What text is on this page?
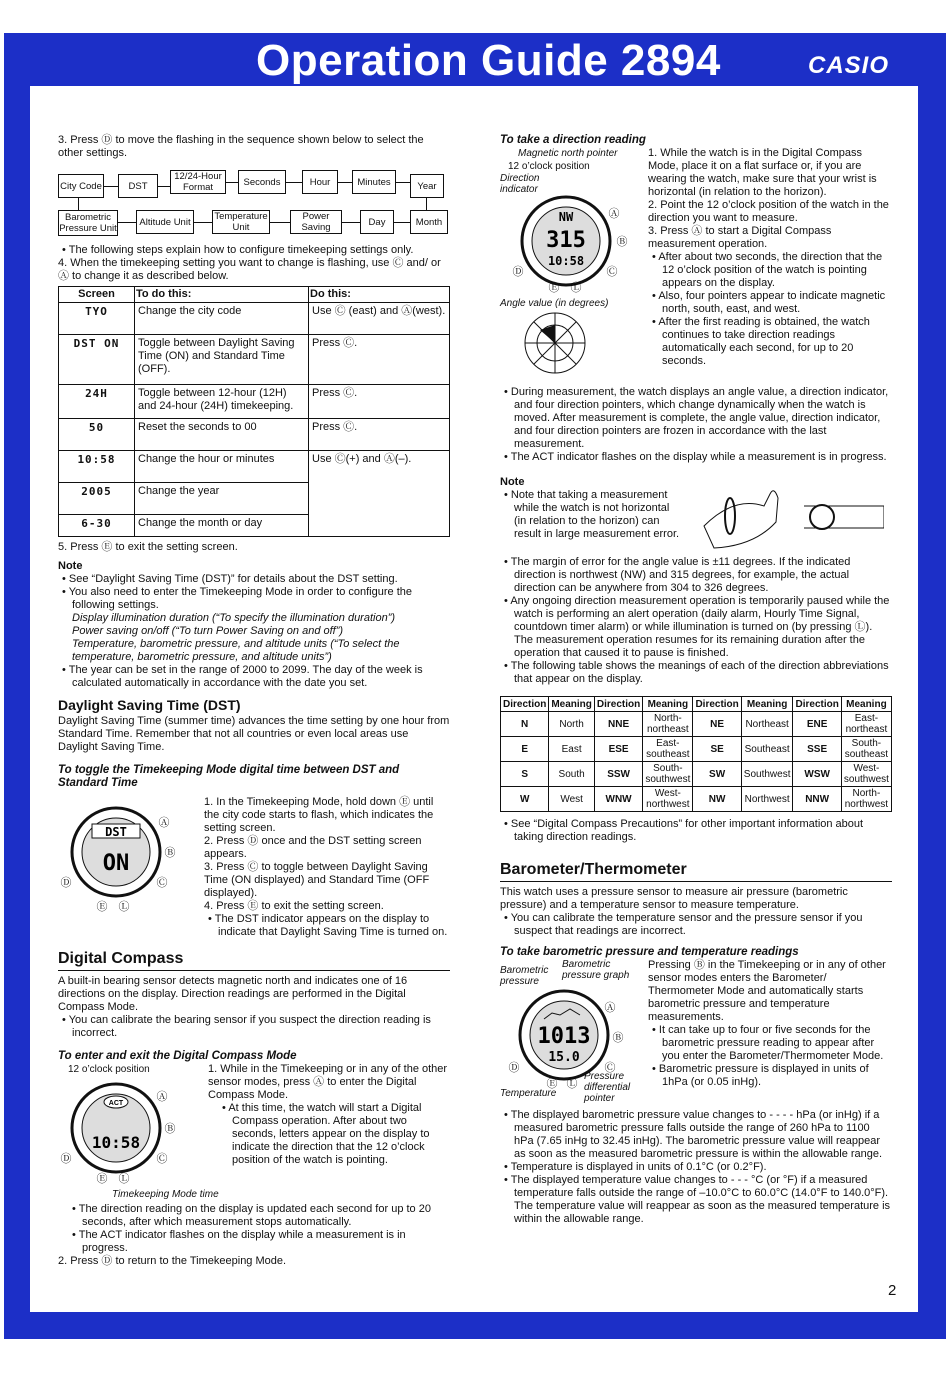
Operation Guide 2894	CASIO
2

3. Press Ⓓ to move the flashing in the sequence shown below to select the other settings.

City Code	DST
12/24-Hour Format	Seconds	Hour	Minutes	Year
Barometric Pressure Unit
Altitude Unit	Temperature Unit
Power Saving	Day	Month

• The following steps explain how to configure timekeeping settings only.

4. When the timekeeping setting you want to change is flashing, use Ⓒ and/ or Ⓐ to change it as described below.

Screen	To do this:	Do this:
TYO	Change the city code	Use Ⓒ (east) and Ⓐ(west).
DST ON	Toggle between Daylight Saving Time (ON) and Standard Time (OFF).	Press Ⓒ.
24H	Toggle between 12-hour (12H) and 24-hour (24H) timekeeping.	Press Ⓒ.
50	Reset the seconds to 00	Press Ⓒ.
10:58	Change the hour or minutes	Use Ⓒ(+) and Ⓐ(–).
2005	Change the year	
6-30	Change the month or day	

5. Press Ⓔ to exit the setting screen.

Note

• See “Daylight Saving Time (DST)” for details about the DST setting.

• You also need to enter the Timekeeping Mode in order to configure the following settings.

Display illumination duration (“To specify the illumination duration”)

Power saving on/off (“To turn Power Saving on and off”)

Temperature, barometric pressure, and altitude units (“To select the temperature, barometric pressure, and altitude units”)

• The year can be set in the range of 2000 to 2099. The day of the week is calculated automatically in accordance with the date you set.

Daylight Saving Time (DST)

Daylight Saving Time (summer time) advances the time setting by one hour from Standard Time. Remember that not all countries or even local areas use Daylight Saving Time.

To toggle the Timekeeping Mode digital time between DST and Standard Time

DST
ON
Ⓐ
Ⓑ
Ⓒ
Ⓓ
Ⓔ Ⓛ

1. In the Timekeeping Mode, hold down Ⓔ until the city code starts to flash, which indicates the setting screen.

2. Press Ⓓ once and the DST setting screen appears.

3. Press Ⓒ to toggle between Daylight Saving Time (ON displayed) and Standard Time (OFF displayed).

4. Press Ⓔ to exit the setting screen.

• The DST indicator appears on the display to indicate that Daylight Saving Time is turned on.

Digital Compass

A built-in bearing sensor detects magnetic north and indicates one of 16 directions on the display. Direction readings are performed in the Digital Compass Mode.

• You can calibrate the bearing sensor if you suspect the direction reading is incorrect.

To enter and exit the Digital Compass Mode

12 o’clock position

ACT
10:58
Ⓐ
Ⓑ
Ⓒ
Ⓓ
Ⓔ Ⓛ

Timekeeping Mode time

1. While in the Timekeeping or in any of the other sensor modes, press Ⓐ to enter the Digital Compass Mode.

• At this time, the watch will start a Digital Compass operation. After about two seconds, letters appear on the display to indicate the direction that the 12 o’clock position of the watch is pointing.

• The direction reading on the display is updated each second for up to 20 seconds, after which measurement stops automatically.

• The ACT indicator flashes on the display while a measurement is in progress.

2. Press Ⓓ to return to the Timekeeping Mode.

To take a direction reading

Magnetic north pointer

12 o’clock position

Direction indicator

NW
315
10:58
Ⓐ
Ⓑ
Ⓒ
Ⓓ
Ⓔ Ⓛ

Angle value (in degrees)

1. While the watch is in the Digital Compass Mode, place it on a flat surface or, if you are wearing the watch, make sure that your wrist is horizontal (in relation to the horizon).

2. Point the 12 o’clock position of the watch in the direction you want to measure.

3. Press Ⓐ to start a Digital Compass measurement operation.

• After about two seconds, the direction that the 12 o’clock position of the watch is pointing appears on the display.

• Also, four pointers appear to indicate magnetic north, south, east, and west.

• After the first reading is obtained, the watch continues to take direction readings automatically each second, for up to 20 seconds.

• During measurement, the watch displays an angle value, a direction indicator, and four direction pointers, which change dynamically when the watch is moved. After measurement is complete, the angle value, direction indicator, and four direction pointers are frozen in accordance with the last measurement.

• The ACT indicator flashes on the display while a measurement is in progress.

Note

• Note that taking a measurement while the watch is not horizontal (in relation to the horizon) can result in large measurement error.

• The margin of error for the angle value is ±11 degrees. If the indicated direction is northwest (NW) and 315 degrees, for example, the actual direction can be anywhere from 304 to 326 degrees.

• Any ongoing direction measurement operation is temporarily paused while the watch is performing an alert operation (daily alarm, Hourly Time Signal, countdown timer alarm) or while illumination is turned on (by pressing Ⓛ). The measurement operation resumes for its remaining duration after the operation that caused it to pause is finished.

• The following table shows the meanings of each of the direction abbreviations that appear on the display.

Direction	Meaning	Direction	Meaning	Direction	Meaning	Direction	Meaning
N	North	NNE	North-northeast	NE	Northeast	ENE	East-northeast
E	East	ESE	East-southeast	SE	Southeast	SSE	South-southeast
S	South	SSW	South-southwest	SW	Southwest	WSW	West-southwest
W	West	WNW	West-northwest	NW	Northwest	NNW	North-northwest

• See “Digital Compass Precautions” for other important information about taking direction readings.

Barometer/Thermometer

This watch uses a pressure sensor to measure air pressure (barometric pressure) and a temperature sensor to measure temperature.

• You can calibrate the temperature sensor and the pressure sensor if you suspect that readings are incorrect.

To take barometric pressure and temperature readings

Barometric pressure

Barometric pressure graph

1013
15.0
Ⓐ
Ⓑ
Ⓒ
Ⓓ
Ⓔ Ⓛ

Temperature

Pressure differential pointer

Pressing Ⓑ in the Timekeeping or in any of other sensor modes enters the Barometer/ Thermometer Mode and automatically starts barometric pressure and temperature measurements.

• It can take up to four or five seconds for the barometric pressure reading to appear after you enter the Barometer/Thermometer Mode.

• Barometric pressure is displayed in units of 1hPa (or 0.05 inHg).

• The displayed barometric pressure value changes to - - - - hPa (or inHg) if a measured barometric pressure falls outside the range of 260 hPa to 1100 hPa (7.65 inHg to 32.45 inHg). The barometric pressure value will reappear as soon as the measured barometric pressure is within the allowable range.

• Temperature is displayed in units of 0.1°C (or 0.2°F).

• The displayed temperature value changes to - - - °C (or °F) if a measured temperature falls outside the range of –10.0°C to 60.0°C (14.0°F to 140.0°F). The temperature value will reappear as soon as the measured temperature is within the allowable range.
